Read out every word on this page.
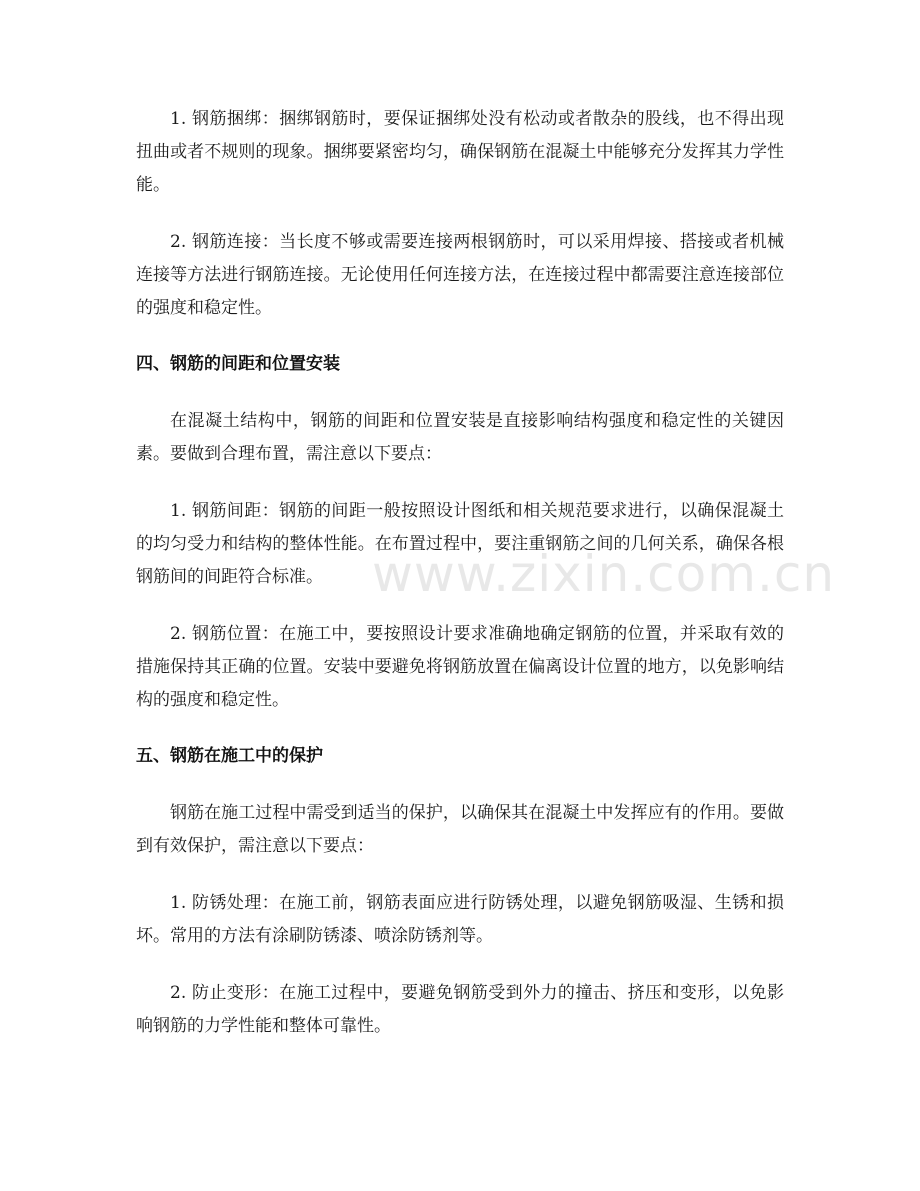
1. 钢筋捆绑：捆绑钢筋时，要保证捆绑处没有松动或者散杂的股线，也不得出现扭曲或者不规则的现象。捆绑要紧密均匀，确保钢筋在混凝土中能够充分发挥其力学性能。

2. 钢筋连接：当长度不够或需要连接两根钢筋时，可以采用焊接、搭接或者机械连接等方法进行钢筋连接。无论使用任何连接方法，在连接过程中都需要注意连接部位的强度和稳定性。

四、钢筋的间距和位置安装

在混凝土结构中，钢筋的间距和位置安装是直接影响结构强度和稳定性的关键因素。要做到合理布置，需注意以下要点：

1. 钢筋间距：钢筋的间距一般按照设计图纸和相关规范要求进行，以确保混凝土的均匀受力和结构的整体性能。在布置过程中，要注重钢筋之间的几何关系，确保各根钢筋间的间距符合标准。

2. 钢筋位置：在施工中，要按照设计要求准确地确定钢筋的位置，并采取有效的措施保持其正确的位置。安装中要避免将钢筋放置在偏离设计位置的地方，以免影响结构的强度和稳定性。

五、钢筋在施工中的保护

钢筋在施工过程中需受到适当的保护，以确保其在混凝土中发挥应有的作用。要做到有效保护，需注意以下要点：

1. 防锈处理：在施工前，钢筋表面应进行防锈处理，以避免钢筋吸湿、生锈和损坏。常用的方法有涂刷防锈漆、喷涂防锈剂等。

2. 防止变形：在施工过程中，要避免钢筋受到外力的撞击、挤压和变形，以免影响钢筋的力学性能和整体可靠性。

www.zixin.com.cn
